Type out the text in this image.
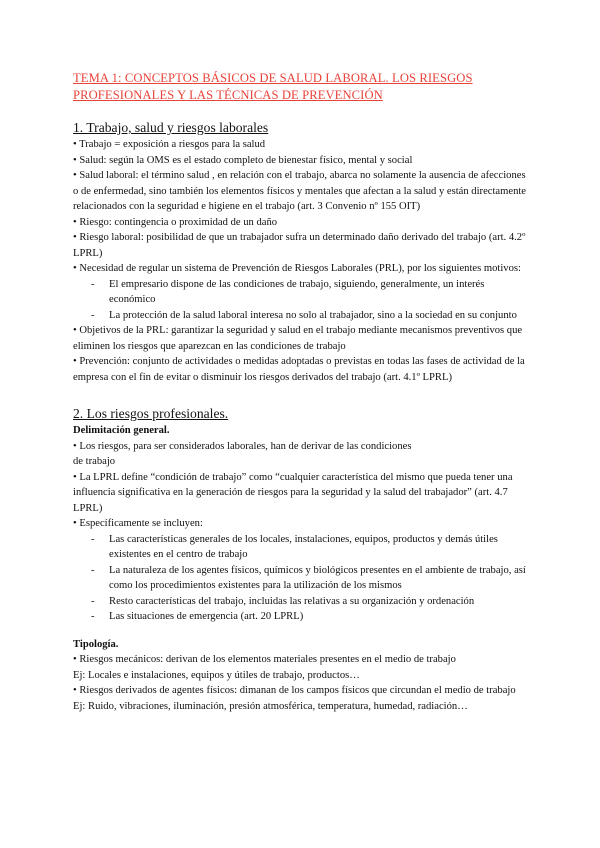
TEMA 1: CONCEPTOS BÁSICOS DE SALUD LABORAL. LOS RIESGOS PROFESIONALES Y LAS TÉCNICAS DE PREVENCIÓN

1. Trabajo, salud y riesgos laborales

• Trabajo = exposición a riesgos para la salud

• Salud: según la OMS es el estado completo de bienestar físico, mental y social

• Salud laboral: el término salud , en relación con el trabajo, abarca no solamente la ausencia de afecciones o de enfermedad, sino también los elementos físicos y mentales que afectan a la salud y están directamente relacionados con la seguridad e higiene en el trabajo (art. 3 Convenio nº 155 OIT)

• Riesgo: contingencia o proximidad de un daño

• Riesgo laboral: posibilidad de que un trabajador sufra un determinado daño derivado del trabajo (art. 4.2º LPRL)

• Necesidad de regular un sistema de Prevención de Riesgos Laborales (PRL), por los siguientes motivos:

- El empresario dispone de las condiciones de trabajo, siguiendo, generalmente, un interés económico
- La protección de la salud laboral interesa no solo al trabajador, sino a la sociedad en su conjunto

• Objetivos de la PRL: garantizar la seguridad y salud en el trabajo mediante mecanismos preventivos que eliminen los riesgos que aparezcan en las condiciones de trabajo

• Prevención: conjunto de actividades o medidas adoptadas o previstas en todas las fases de actividad de la empresa con el fin de evitar o disminuir los riesgos derivados del trabajo (art. 4.1º LPRL)

2. Los riesgos profesionales.

Delimitación general.

• Los riesgos, para ser considerados laborales, han de derivar de las condiciones

de trabajo

• La LPRL define “condición de trabajo” como “cualquier característica del mismo que pueda tener una influencia significativa en la generación de riesgos para la seguridad y la salud del trabajador” (art. 4.7 LPRL)

• Específicamente se incluyen:

- Las características generales de los locales, instalaciones, equipos, productos y demás útiles existentes en el centro de trabajo
- La naturaleza de los agentes físicos, químicos y biológicos presentes en el ambiente de trabajo, así como los procedimientos existentes para la utilización de los mismos
- Resto características del trabajo, incluidas las relativas a su organización y ordenación
- Las situaciones de emergencia (art. 20 LPRL)

Tipología.

• Riesgos mecánicos: derivan de los elementos materiales presentes en el medio de trabajo

Ej: Locales e instalaciones, equipos y útiles de trabajo, productos…

• Riesgos derivados de agentes físicos: dimanan de los campos físicos que circundan el medio de trabajo

Ej: Ruido, vibraciones, iluminación, presión atmosférica, temperatura, humedad, radiación…
